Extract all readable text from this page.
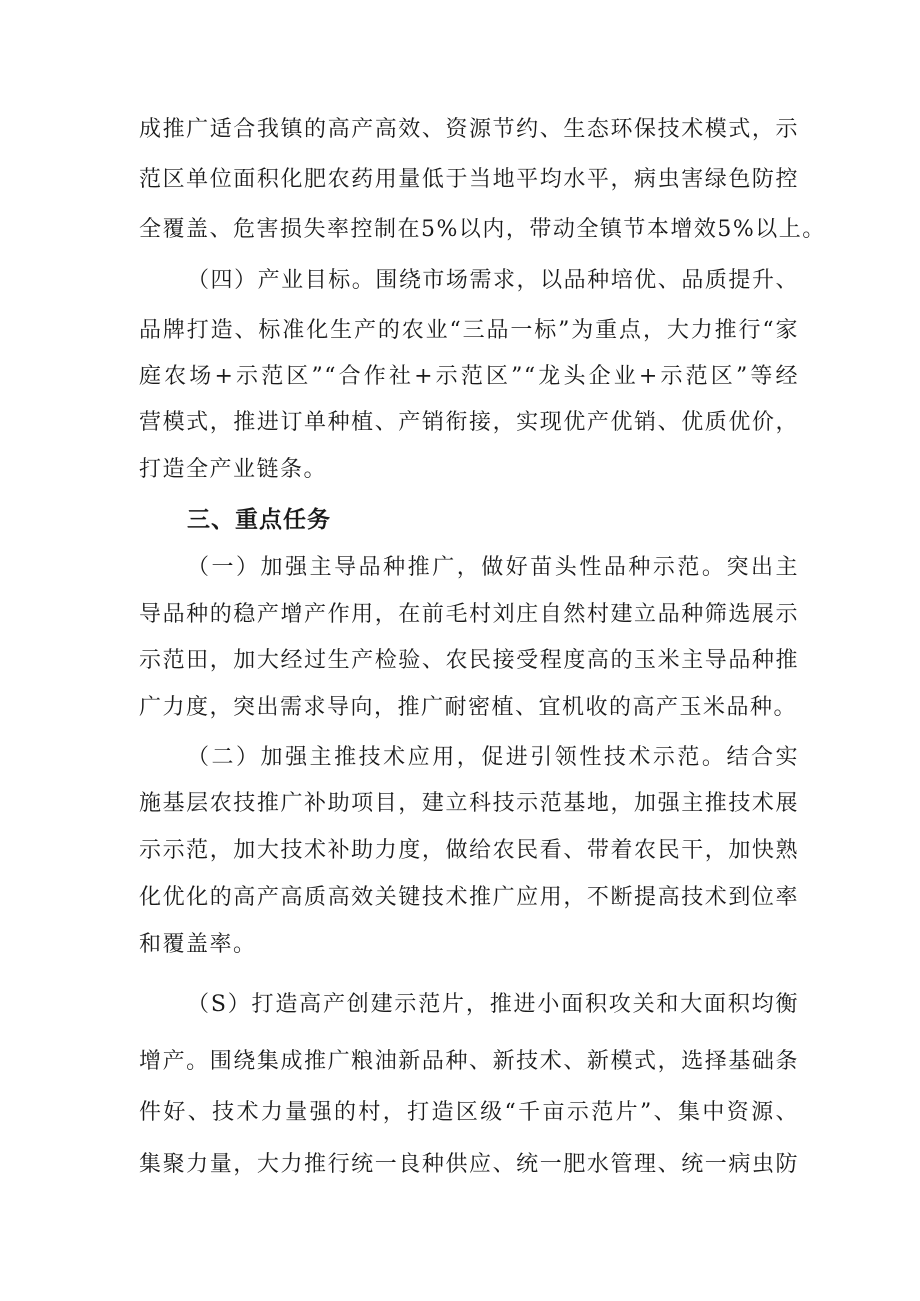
成推广适合我镇的高产高效、资源节约、生态环保技术模式，示
范区单位面积化肥农药用量低于当地平均水平，病虫害绿色防控
全覆盖、危害损失率控制在5%以内，带动全镇节本增效5%以上。
（四）产业目标。围绕市场需求，以品种培优、品质提升、
品牌打造、标准化生产的农业“三品一标”为重点，大力推行“家
庭农场+示范区”“合作社+示范区”“龙头企业+示范区”等经
营模式，推进订单种植、产销衔接，实现优产优销、优质优价，
打造全产业链条。
三、重点任务
（一）加强主导品种推广，做好苗头性品种示范。突出主
导品种的稳产增产作用，在前毛村刘庄自然村建立品种筛选展示
示范田，加大经过生产检验、农民接受程度高的玉米主导品种推
广力度，突出需求导向，推广耐密植、宜机收的高产玉米品种。
（二）加强主推技术应用，促进引领性技术示范。结合实
施基层农技推广补助项目，建立科技示范基地，加强主推技术展
示示范，加大技术补助力度，做给农民看、带着农民干，加快熟
化优化的高产高质高效关键技术推广应用，不断提高技术到位率
和覆盖率。
（S）打造高产创建示范片，推进小面积攻关和大面积均衡
增产。围绕集成推广粮油新品种、新技术、新模式，选择基础条
件好、技术力量强的村，打造区级“千亩示范片”、集中资源、
集聚力量，大力推行统一良种供应、统一肥水管理、统一病虫防
